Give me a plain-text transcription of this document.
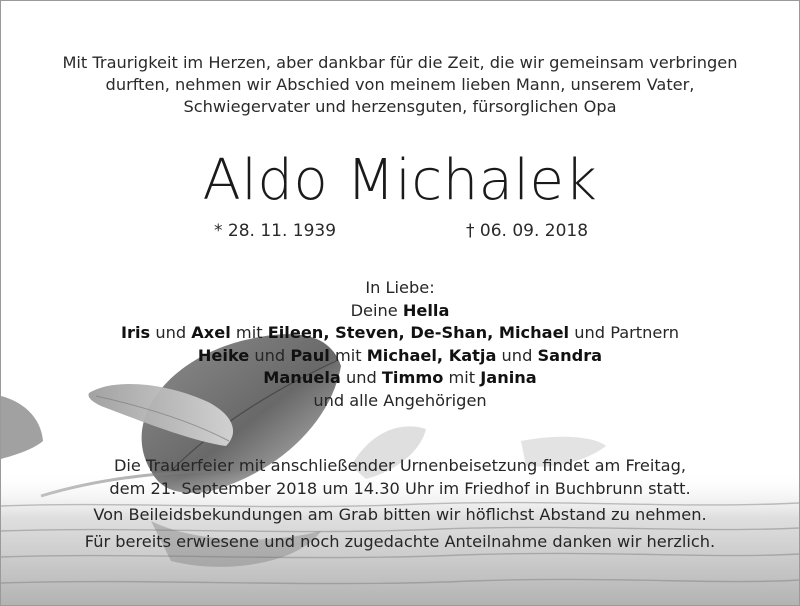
Mit Traurigkeit im Herzen, aber dankbar für die Zeit, die wir gemeinsam verbringen
durften, nehmen wir Abschied von meinem lieben Mann, unserem Vater,
Schwiegervater und herzensguten, fürsorglichen Opa
Aldo Michalek
* 28. 11. 1939	† 06. 09. 2018
In Liebe:
Deine Hella
Iris und Axel mit Eileen, Steven, De-Shan, Michael und Partnern
Heike und Paul mit Michael, Katja und Sandra
Manuela und Timmo mit Janina
und alle Angehörigen
Die Trauerfeier mit anschließender Urnenbeisetzung findet am Freitag,
dem 21. September 2018 um 14.30 Uhr im Friedhof in Buchbrunn statt.
Von Beileidsbekundungen am Grab bitten wir höflichst Abstand zu nehmen.
Für bereits erwiesene und noch zugedachte Anteilnahme danken wir herzlich.
